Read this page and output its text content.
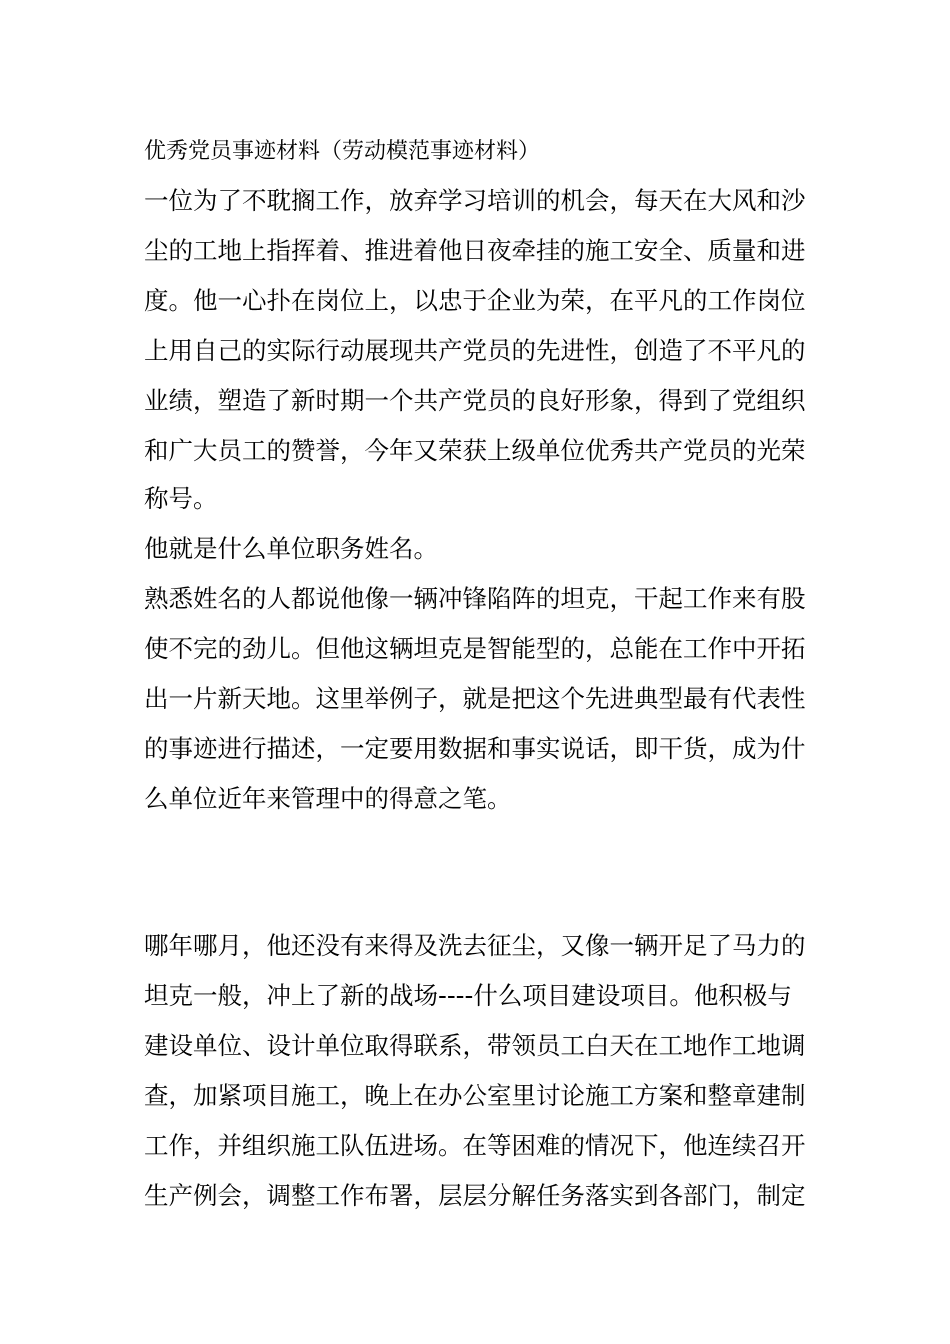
优秀党员事迹材料（劳动模范事迹材料）
一位为了不耽搁工作，放弃学习培训的机会，每天在大风和沙
尘的工地上指挥着、推进着他日夜牵挂的施工安全、质量和进
度。他一心扑在岗位上，以忠于企业为荣，在平凡的工作岗位
上用自己的实际行动展现共产党员的先进性，创造了不平凡的
业绩，塑造了新时期一个共产党员的良好形象，得到了党组织
和广大员工的赞誉，今年又荣获上级单位优秀共产党员的光荣
称号。
他就是什么单位职务姓名。
熟悉姓名的人都说他像一辆冲锋陷阵的坦克，干起工作来有股
使不完的劲儿。但他这辆坦克是智能型的，总能在工作中开拓
出一片新天地。这里举例子，就是把这个先进典型最有代表性
的事迹进行描述，一定要用数据和事实说话，即干货，成为什
么单位近年来管理中的得意之笔。
哪年哪月，他还没有来得及洗去征尘，又像一辆开足了马力的
坦克一般，冲上了新的战场----什么项目建设项目。他积极与
建设单位、设计单位取得联系，带领员工白天在工地作工地调
查，加紧项目施工，晚上在办公室里讨论施工方案和整章建制
工作，并组织施工队伍进场。在等困难的情况下，他连续召开
生产例会，调整工作布署，层层分解任务落实到各部门，制定
